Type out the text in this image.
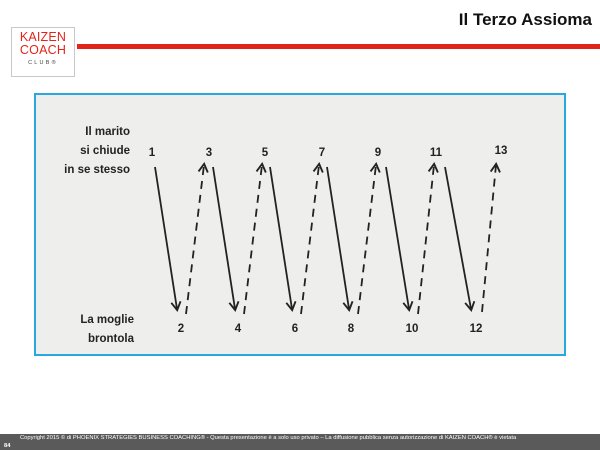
KAIZEN
COACH
CLUB®
Il Terzo Assioma
Il marito
si chiude
in se stesso
La moglie
brontola
1	3	5	7	9	11	13
2	4	6	8	10	12
Copyright 2015 © di PHOENIX STRATEGIES BUSINESS COACHING® - Questa presentazione è a solo uso privato – La diffusione pubblica senza autorizzazione di KAIZEN COACH® è vietata
84
